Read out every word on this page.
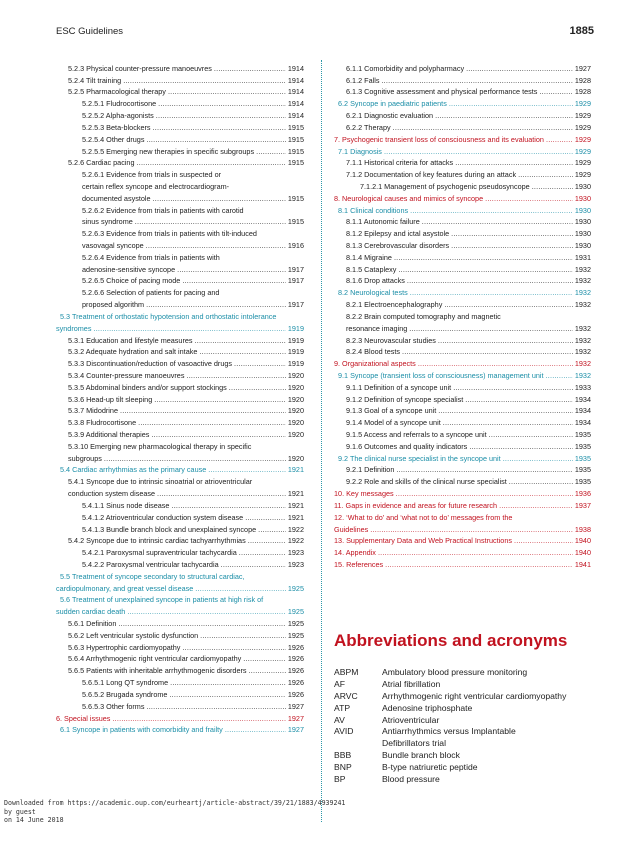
ESC Guidelines	1885
5.2.3 Physical counter-pressure manoeuvres . . .	1914
5.2.4 Tilt training . . .	1914
5.2.5 Pharmacological therapy . . .	1914
5.2.5.1 Fludrocortisone . . .	1914
5.2.5.2 Alpha-agonists . . .	1914
5.2.5.3 Beta-blockers . . .	1915
5.2.5.4 Other drugs . . .	1915
5.2.5.5 Emerging new therapies in specific subgroups . . .	1915
5.2.6 Cardiac pacing . . .	1915
5.2.6.1 Evidence from trials in suspected or
certain reflex syncope and electrocardiogram-
documented asystole . . .	1915
5.2.6.2 Evidence from trials in patients with carotid
sinus syndrome . . .	1915
5.2.6.3 Evidence from trials in patients with tilt-induced
vasovagal syncope . . .	1916
5.2.6.4 Evidence from trials in patients with
adenosine-sensitive syncope . . .	1917
5.2.6.5 Choice of pacing mode . . .	1917
5.2.6.6 Selection of patients for pacing and
proposed algorithm . . .	1917
5.3 Treatment of orthostatic hypotension and orthostatic intolerance
syndromes . . .	1919
5.3.1 Education and lifestyle measures . . .	1919
5.3.2 Adequate hydration and salt intake . . .	1919
5.3.3 Discontinuation/reduction of vasoactive drugs . . .	1919
5.3.4 Counter-pressure manoeuvres . . .	1920
5.3.5 Abdominal binders and/or support stockings . . .	1920
5.3.6 Head-up tilt sleeping . . .	1920
5.3.7 Midodrine . . .	1920
5.3.8 Fludrocortisone . . .	1920
5.3.9 Additional therapies . . .	1920
5.3.10 Emerging new pharmacological therapy in specific
subgroups . . .	1920
5.4 Cardiac arrhythmias as the primary cause . . .	1921
5.4.1 Syncope due to intrinsic sinoatrial or atrioventricular
conduction system disease . . .	1921
5.4.1.1 Sinus node disease . . .	1921
5.4.1.2 Atrioventricular conduction system disease . . .	1921
5.4.1.3 Bundle branch block and unexplained syncope . . .	1922
5.4.2 Syncope due to intrinsic cardiac tachyarrhythmias . . .	1922
5.4.2.1 Paroxysmal supraventricular tachycardia . . .	1923
5.4.2.2 Paroxysmal ventricular tachycardia . . .	1923
5.5 Treatment of syncope secondary to structural cardiac,
cardiopulmonary, and great vessel disease . . .	1925
5.6 Treatment of unexplained syncope in patients at high risk of
sudden cardiac death . . .	1925
5.6.1 Definition . . .	1925
5.6.2 Left ventricular systolic dysfunction . . .	1925
5.6.3 Hypertrophic cardiomyopathy . . .	1926
5.6.4 Arrhythmogenic right ventricular cardiomyopathy . . .	1926
5.6.5 Patients with inheritable arrhythmogenic disorders . . .	1926
5.6.5.1 Long QT syndrome . . .	1926
5.6.5.2 Brugada syndrome . . .	1926
5.6.5.3 Other forms . . .	1927
6. Special issues . . .	1927
6.1 Syncope in patients with comorbidity and frailty . . .	1927
6.1.1 Comorbidity and polypharmacy . . .	1927
6.1.2 Falls . . .	1928
6.1.3 Cognitive assessment and physical performance tests . . .	1928
6.2 Syncope in paediatric patients . . .	1929
6.2.1 Diagnostic evaluation . . .	1929
6.2.2 Therapy . . .	1929
7. Psychogenic transient loss of consciousness and its evaluation . . .	1929
7.1 Diagnosis . . .	1929
7.1.1 Historical criteria for attacks . . .	1929
7.1.2 Documentation of key features during an attack . . .	1929
7.1.2.1 Management of psychogenic pseudosyncope . . .	1930
8. Neurological causes and mimics of syncope . . .	1930
8.1 Clinical conditions . . .	1930
8.1.1 Autonomic failure . . .	1930
8.1.2 Epilepsy and ictal asystole . . .	1930
8.1.3 Cerebrovascular disorders . . .	1930
8.1.4 Migraine . . .	1931
8.1.5 Cataplexy . . .	1932
8.1.6 Drop attacks . . .	1932
8.2 Neurological tests . . .	1932
8.2.1 Electroencephalography . . .	1932
8.2.2 Brain computed tomography and magnetic
resonance imaging . . .	1932
8.2.3 Neurovascular studies . . .	1932
8.2.4 Blood tests . . .	1932
9. Organizational aspects . . .	1932
9.1 Syncope (transient loss of consciousness) management unit . . .	1932
9.1.1 Definition of a syncope unit . . .	1933
9.1.2 Definition of syncope specialist . . .	1934
9.1.3 Goal of a syncope unit . . .	1934
9.1.4 Model of a syncope unit . . .	1934
9.1.5 Access and referrals to a syncope unit . . .	1935
9.1.6 Outcomes and quality indicators . . .	1935
9.2 The clinical nurse specialist in the syncope unit . . .	1935
9.2.1 Definition . . .	1935
9.2.2 Role and skills of the clinical nurse specialist . . .	1935
10. Key messages . . .	1936
11. Gaps in evidence and areas for future research . . .	1937
12. ‘What to do’ and ‘what not to do’ messages from the
Guidelines . . .	1938
13. Supplementary Data and Web Practical Instructions . . .	1940
14. Appendix . . .	1940
15. References . . .	1941
Abbreviations and acronyms
ABPM	Ambulatory blood pressure monitoring
AF	Atrial fibrillation
ARVC	Arrhythmogenic right ventricular cardiomyopathy
ATP	Adenosine triphosphate
AV	Atrioventricular
AVID	Antiarrhythmics versus Implantable
Defibrillators trial
BBB	Bundle branch block
BNP	B-type natriuretic peptide
BP	Blood pressure
Downloaded from https://academic.oup.com/eurheartj/article-abstract/39/21/1883/4939241
by guest
on 14 June 2018
